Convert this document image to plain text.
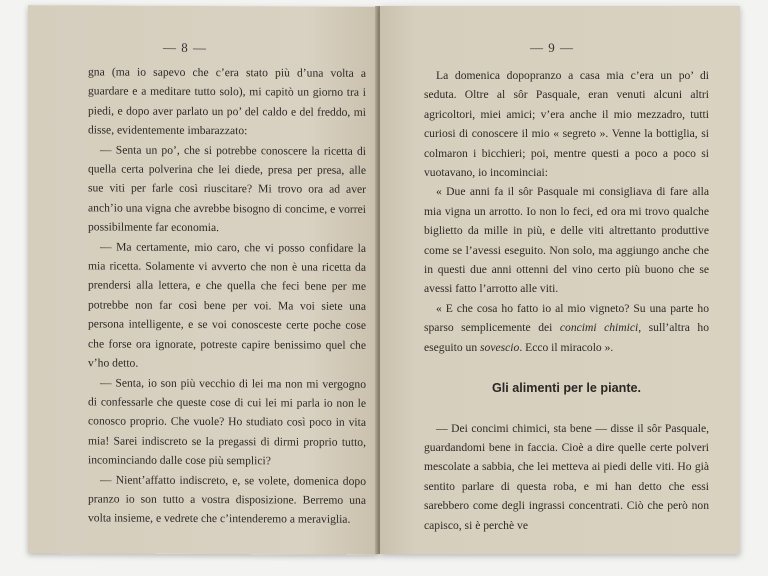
— 8 —

gna (ma io sapevo che c’era stato più d’una volta a guardare e a meditare tutto solo), mi capitò un giorno tra i piedi, e dopo aver parlato un po’ del caldo e del freddo, mi disse, evidentemente imbarazzato:

— Senta un po’, che si potrebbe conoscere la ricetta di quella certa polverina che lei diede, presa per presa, alle sue viti per farle così riuscitare? Mi trovo ora ad aver anch’io una vigna che avrebbe bisogno di concime, e vorrei possibilmente far economia.

— Ma certamente, mio caro, che vi posso confidare la mia ricetta. Solamente vi avverto che non è una ricetta da prendersi alla lettera, e che quella che feci bene per me potrebbe non far così bene per voi. Ma voi siete una persona intelligente, e se voi conosceste certe poche cose che forse ora ignorate, potreste capire benissimo quel che v’ho detto.

— Senta, io son più vecchio di lei ma non mi vergogno di confessarle che queste cose di cui lei mi parla io non le conosco proprio. Che vuole? Ho studiato così poco in vita mia! Sarei indiscreto se la pregassi di dirmi proprio tutto, incominciando dalle cose più semplici?

— Nient’affatto indiscreto, e, se volete, domenica dopo pranzo io son tutto a vostra disposizione. Berremo una volta insieme, e vedrete che c’intenderemo a meraviglia.

— 9 —

La domenica dopopranzo a casa mia c’era un po’ di seduta. Oltre al sôr Pasquale, eran venuti alcuni altri agricoltori, miei amici; v’era anche il mio mezzadro, tutti curiosi di conoscere il mio « segreto ». Venne la bottiglia, si colmaron i bicchieri; poi, mentre questi a poco a poco si vuotavano, io incominciai:

« Due anni fa il sôr Pasquale mi consigliava di fare alla mia vigna un arrotto. Io non lo feci, ed ora mi trovo qualche biglietto da mille in più, e delle viti altrettanto produttive come se l’avessi eseguito. Non solo, ma aggiungo anche che in questi due anni ottenni del vino certo più buono che se avessi fatto l’arrotto alle viti.

« E che cosa ho fatto io al mio vigneto? Su una parte ho sparso semplicemente dei concimi chimici, sull’altra ho eseguito un sovescio. Ecco il miracolo ».

Gli alimenti per le piante.

— Dei concimi chimici, sta bene — disse il sôr Pasquale, guardandomi bene in faccia. Cioè a dire quelle certe polveri mescolate a sabbia, che lei metteva ai piedi delle viti. Ho già sentito parlare di questa roba, e mi han detto che essi sarebbero come degli ingrassi concentrati. Ciò che però non capisco, si è perchè ve
